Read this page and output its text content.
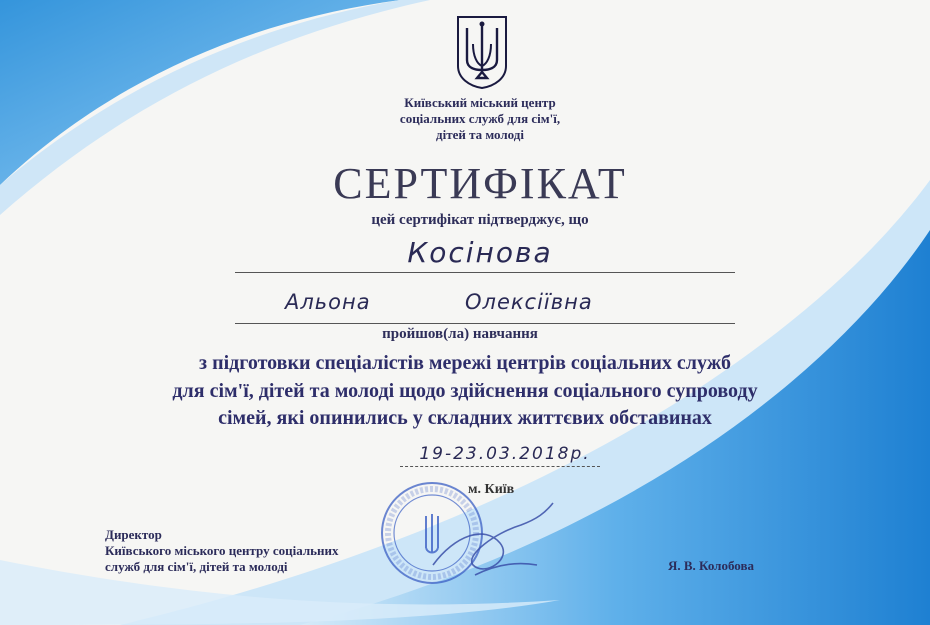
Київський міський центр
соціальних служб для сім'ї,
дітей та молоді
СЕРТИФІКАТ
цей сертифікат підтверджує, що
Косінова
Альона	Олексіївна
пройшов(ла) навчання
з підготовки спеціалістів мережі центрів соціальних служб
для сім'ї, дітей та молоді щодо здійснення соціального супроводу
сімей, які опинились у складних життєвих обставинах
19-23.03.2018р.
м. Київ
Директор
Київського міського центру соціальних
служб для сім'ї, дітей та молоді	Я. В. Колобова
